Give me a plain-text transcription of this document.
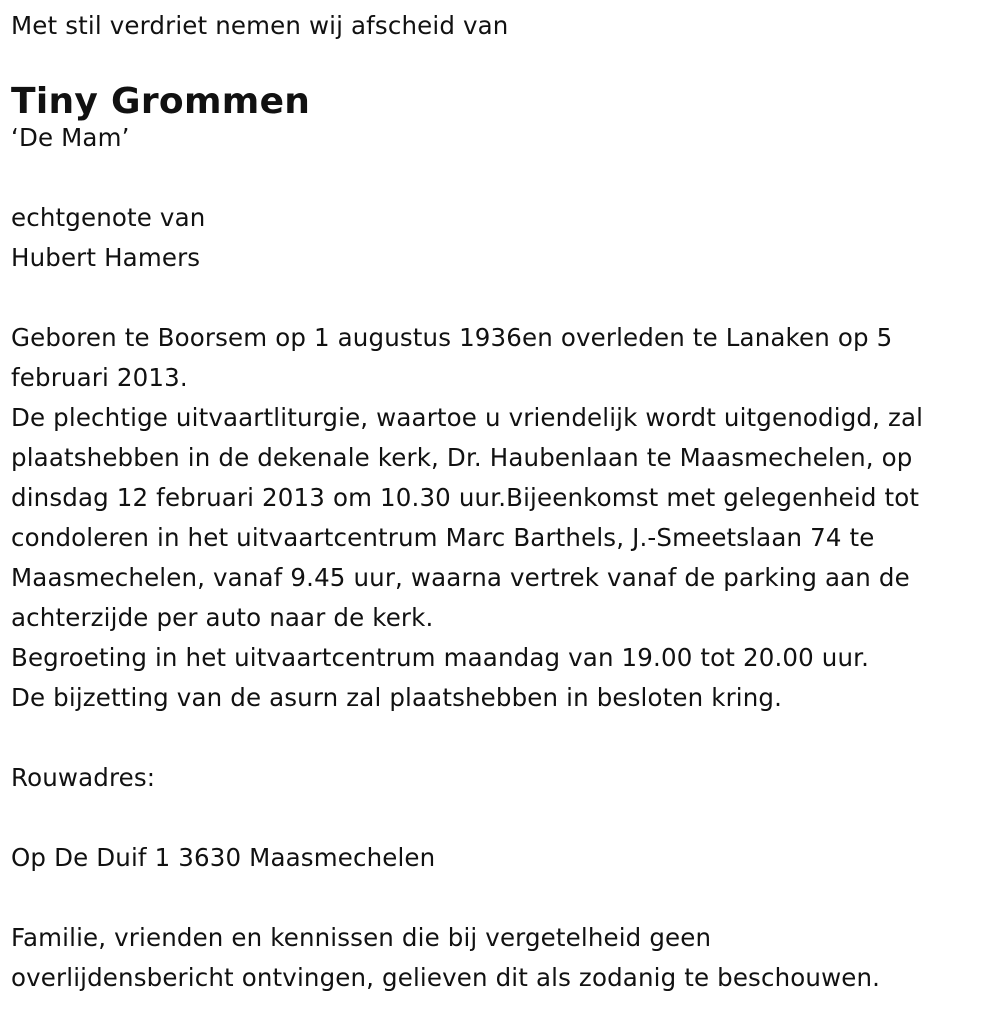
Met stil verdriet nemen wij afscheid van
Tiny Grommen
‘De Mam’
echtgenote van
Hubert Hamers
Geboren te Boorsem op 1 augustus 1936en overleden te Lanaken op 5
februari 2013.
De plechtige uitvaartliturgie, waartoe u vriendelijk wordt uitgenodigd, zal
plaatshebben in de dekenale kerk, Dr. Haubenlaan te Maasmechelen, op
dinsdag 12 februari 2013 om 10.30 uur.Bijeenkomst met gelegenheid tot
condoleren in het uitvaartcentrum Marc Barthels, J.-Smeetslaan 74 te
Maasmechelen, vanaf 9.45 uur, waarna vertrek vanaf de parking aan de
achterzijde per auto naar de kerk.
Begroeting in het uitvaartcentrum maandag van 19.00 tot 20.00 uur.
De bijzetting van de asurn zal plaatshebben in besloten kring.
Rouwadres:
Op De Duif 1 3630 Maasmechelen
Familie, vrienden en kennissen die bij vergetelheid geen
overlijdensbericht ontvingen, gelieven dit als zodanig te beschouwen.
